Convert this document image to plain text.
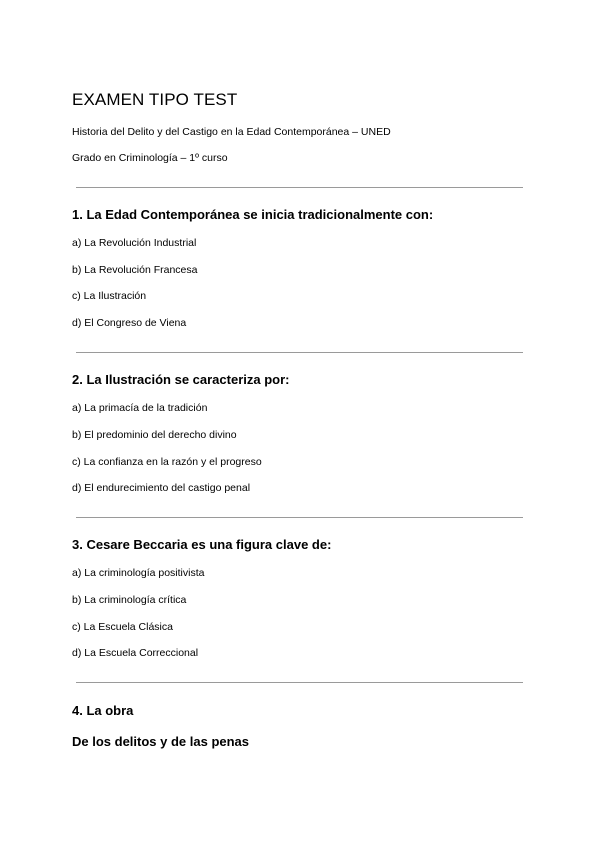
EXAMEN TIPO TEST
Historia del Delito y del Castigo en la Edad Contemporánea – UNED
Grado en Criminología – 1º curso
1. La Edad Contemporánea se inicia tradicionalmente con:
a) La Revolución Industrial
b) La Revolución Francesa
c) La Ilustración
d) El Congreso de Viena
2. La Ilustración se caracteriza por:
a) La primacía de la tradición
b) El predominio del derecho divino
c) La confianza en la razón y el progreso
d) El endurecimiento del castigo penal
3. Cesare Beccaria es una figura clave de:
a) La criminología positivista
b) La criminología crítica
c) La Escuela Clásica
d) La Escuela Correccional
4. La obra
De los delitos y de las penas
